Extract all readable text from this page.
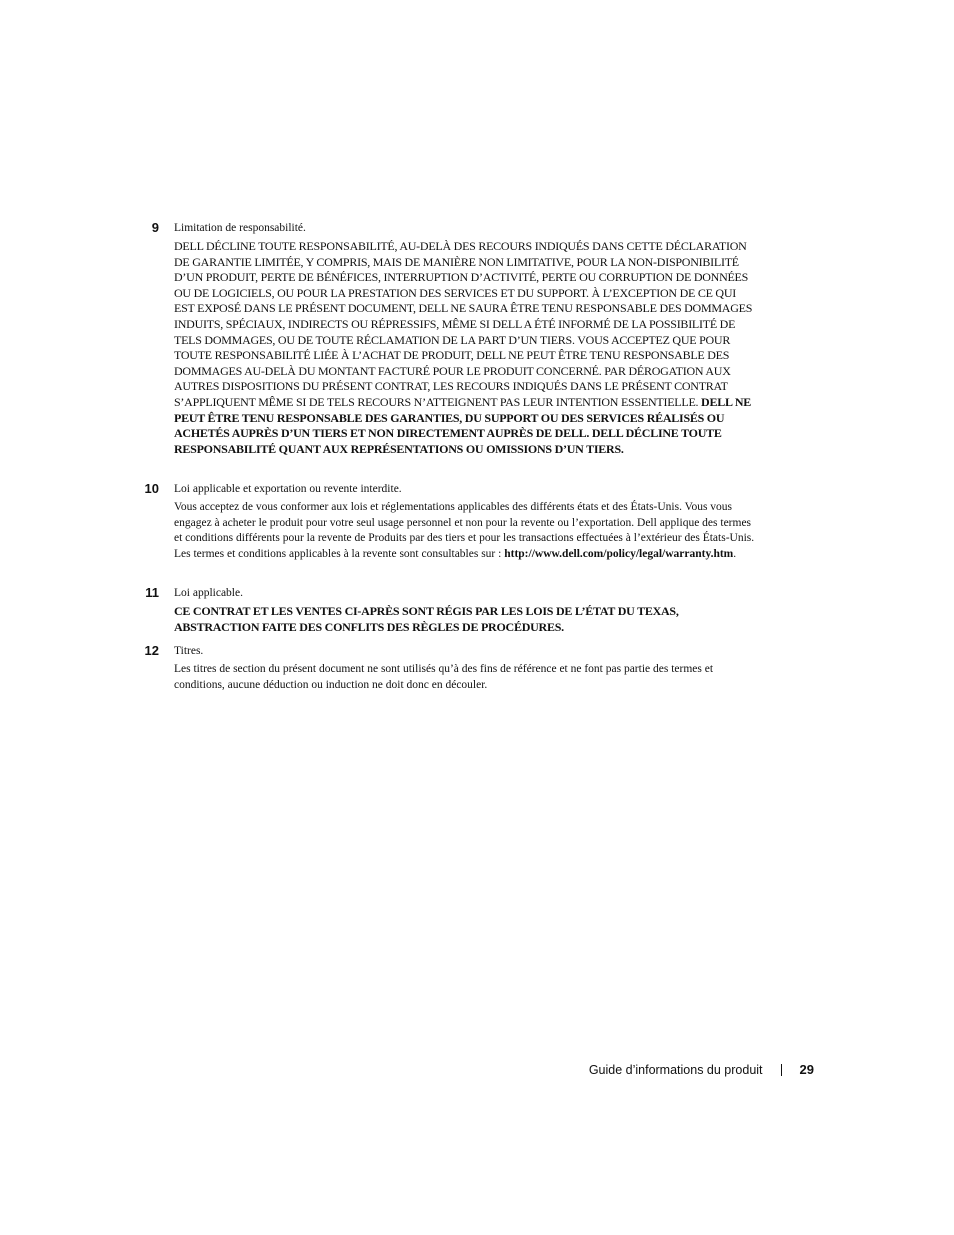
9 Limitation de responsabilité.

DELL DÉCLINE TOUTE RESPONSABILITÉ, AU-DELÀ DES RECOURS INDIQUÉS DANS CETTE DÉCLARATION DE GARANTIE LIMITÉE, Y COMPRIS, MAIS DE MANIÈRE NON LIMITATIVE, POUR LA NON-DISPONIBILITÉ D’UN PRODUIT, PERTE DE BÉNÉFICES, INTERRUPTION D’ACTIVITÉ, PERTE OU CORRUPTION DE DONNÉES OU DE LOGICIELS, OU POUR LA PRESTATION DES SERVICES ET DU SUPPORT. À L’EXCEPTION DE CE QUI EST EXPOSÉ DANS LE PRÉSENT DOCUMENT, DELL NE SAURA ÊTRE TENU RESPONSABLE DES DOMMAGES INDUITS, SPÉCIAUX, INDIRECTS OU RÉPRESSIFS, MÊME SI DELL A ÉTÉ INFORMÉ DE LA POSSIBILITÉ DE TELS DOMMAGES, OU DE TOUTE RÉCLAMATION DE LA PART D’UN TIERS. VOUS ACCEPTEZ QUE POUR TOUTE RESPONSABILITÉ LIÉE À L’ACHAT DE PRODUIT, DELL NE PEUT ÊTRE TENU RESPONSABLE DES DOMMAGES AU-DELÀ DU MONTANT FACTURÉ POUR LE PRODUIT CONCERNÉ. PAR DÉROGATION AUX AUTRES DISPOSITIONS DU PRÉSENT CONTRAT, LES RECOURS INDIQUÉS DANS LE PRÉSENT CONTRAT S’APPLIQUENT MÊME SI DE TELS RECOURS N’ATTEIGNENT PAS LEUR INTENTION ESSENTIELLE. DELL NE PEUT ÊTRE TENU RESPONSABLE DES GARANTIES, DU SUPPORT OU DES SERVICES RÉALISÉS OU ACHETÉS AUPRÈS D’UN TIERS ET NON DIRECTEMENT AUPRÈS DE DELL. DELL DÉCLINE TOUTE RESPONSABILITÉ QUANT AUX REPRÉSENTATIONS OU OMISSIONS D’UN TIERS.

10 Loi applicable et exportation ou revente interdite.

Vous acceptez de vous conformer aux lois et réglementations applicables des différents états et des États-Unis. Vous vous engagez à acheter le produit pour votre seul usage personnel et non pour la revente ou l’exportation. Dell applique des termes et conditions différents pour la revente de Produits par des tiers et pour les transactions effectuées à l’extérieur des États-Unis. Les termes et conditions applicables à la revente sont consultables sur : http://www.dell.com/policy/legal/warranty.htm.

11 Loi applicable.

CE CONTRAT ET LES VENTES CI-APRÈS SONT RÉGIS PAR LES LOIS DE L’ÉTAT DU TEXAS, ABSTRACTION FAITE DES CONFLITS DES RÈGLES DE PROCÉDURES.

12 Titres.

Les titres de section du présent document ne sont utilisés qu’à des fins de référence et ne font pas partie des termes et conditions, aucune déduction ou induction ne doit donc en découler.

Guide d’informations du produit	29
